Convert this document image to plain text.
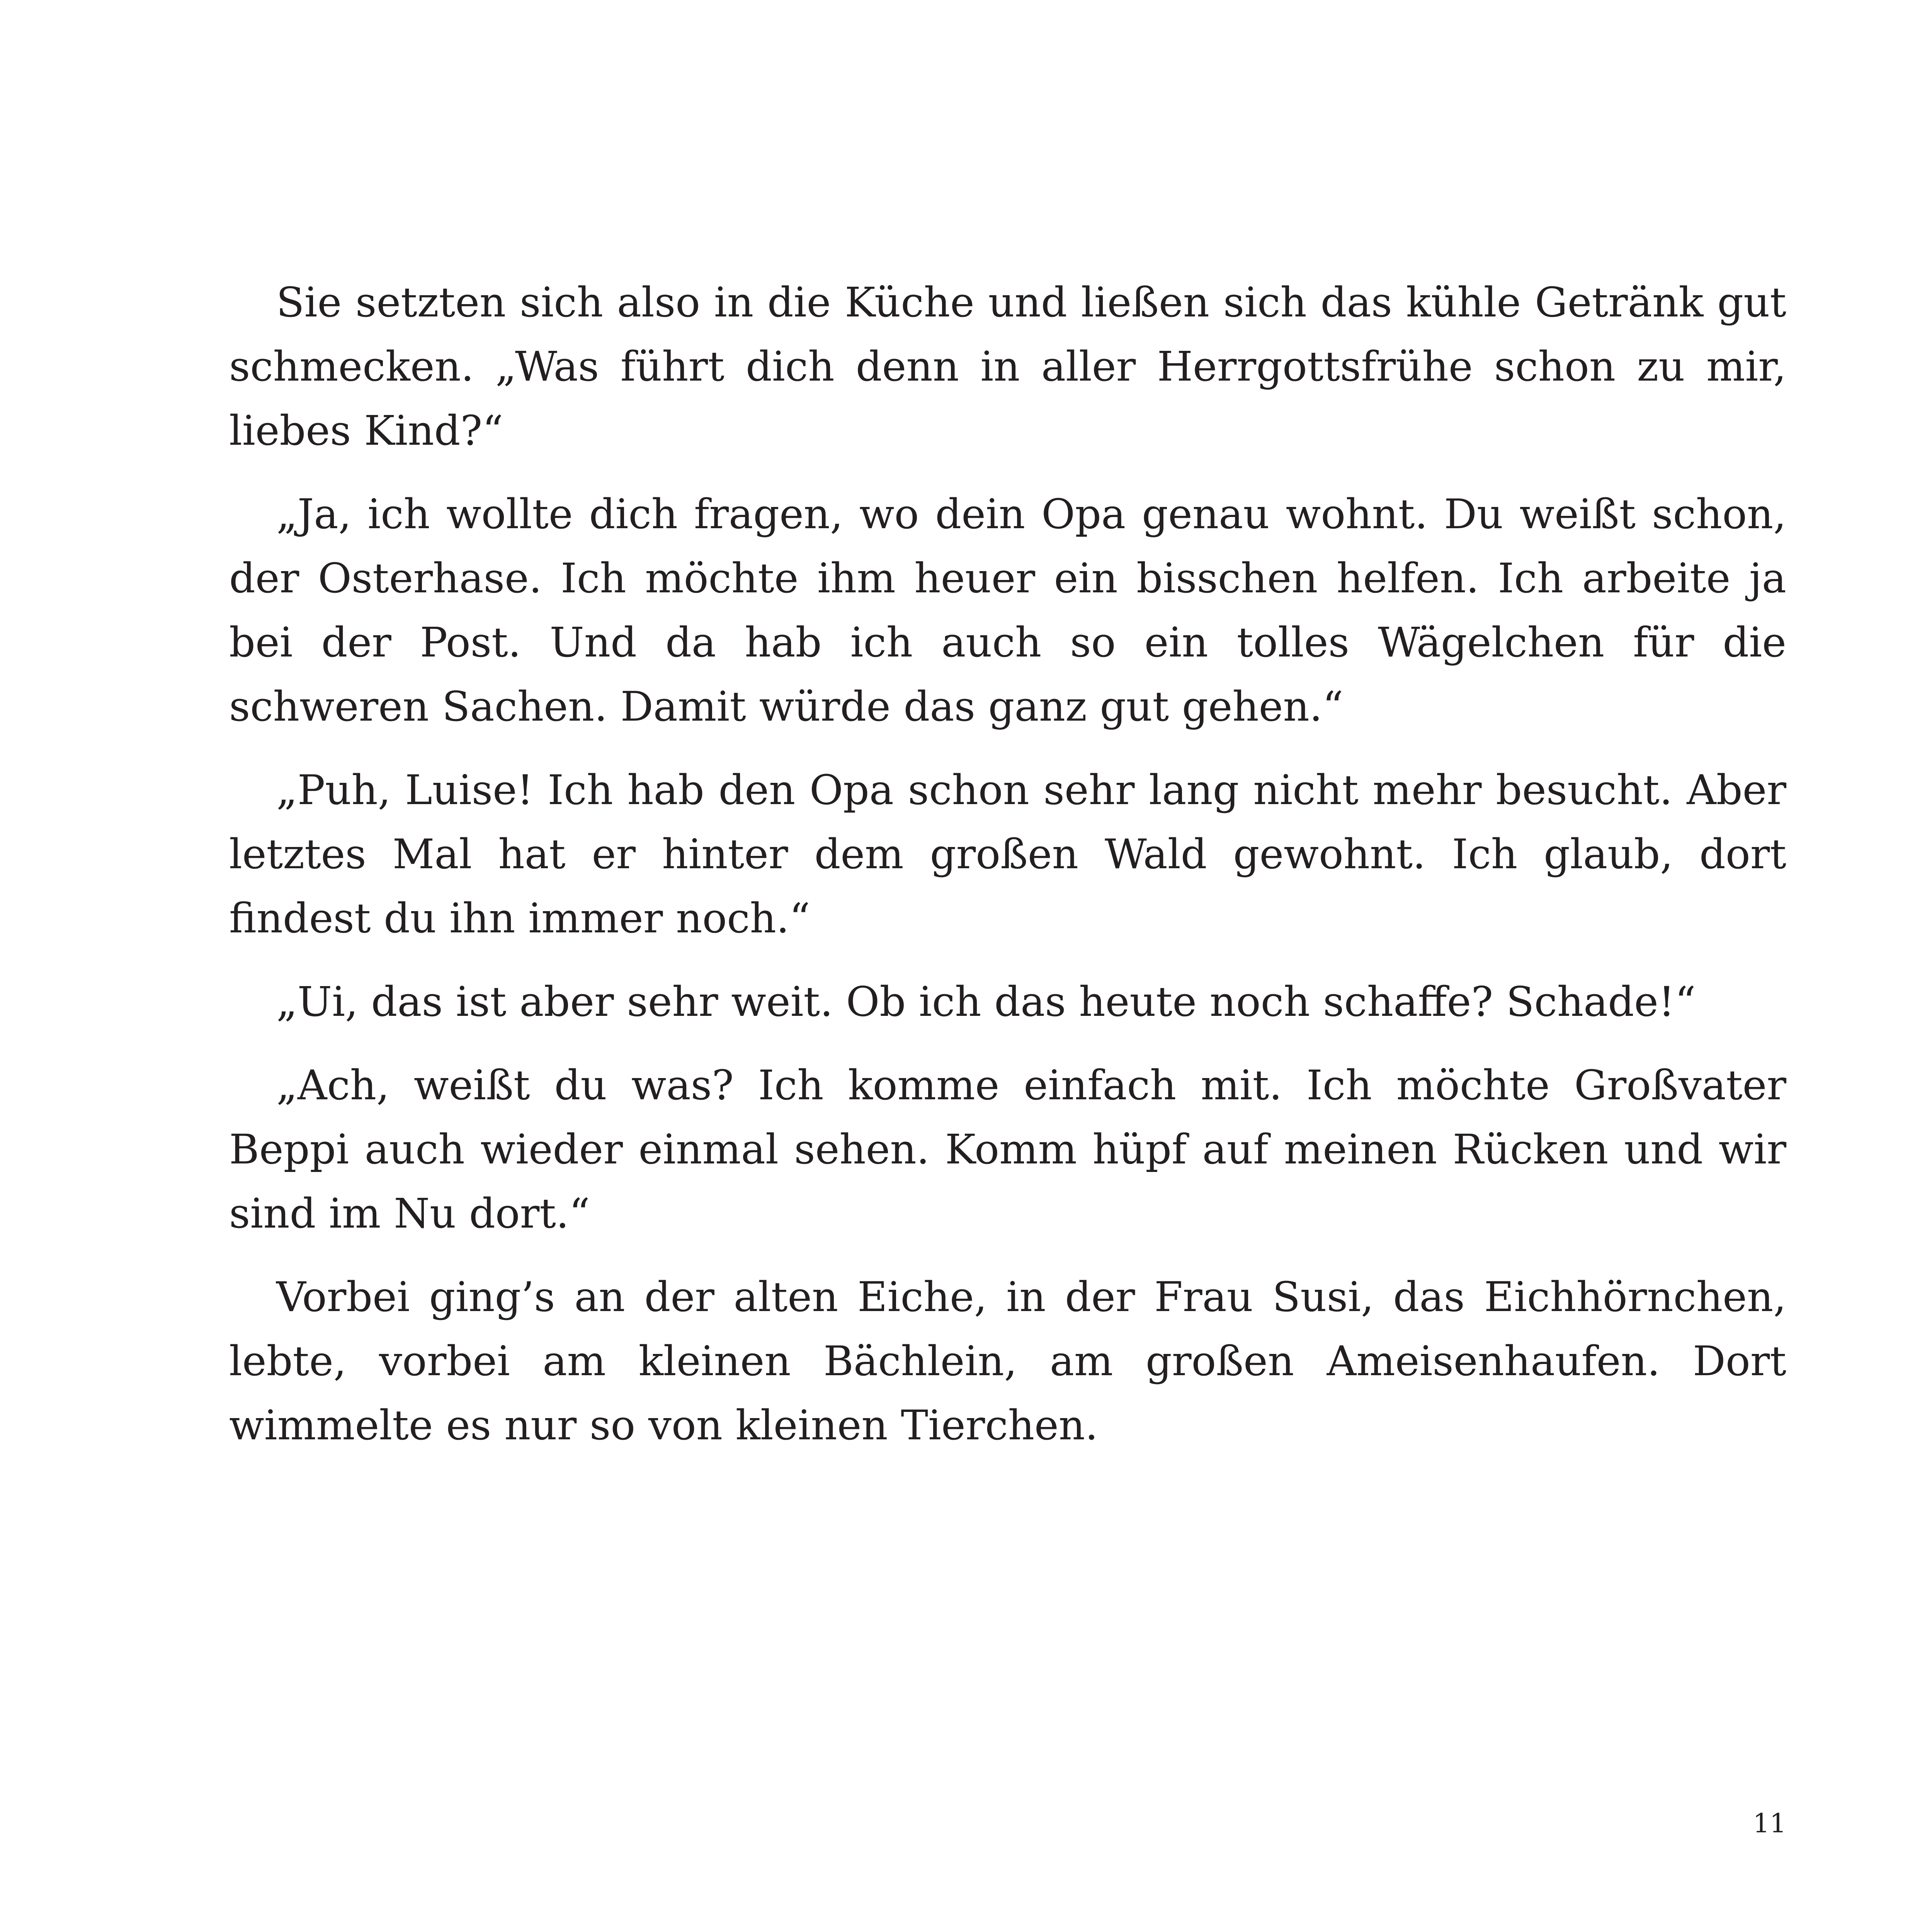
Sie setzten sich also in die Küche und ließen sich das kühle Getränk gut schmecken. „Was führt dich denn in aller Herrgottsfrühe schon zu mir, liebes Kind?“

„Ja, ich wollte dich fragen, wo dein Opa genau wohnt. Du weißt schon, der Osterhase. Ich möchte ihm heuer ein bisschen helfen. Ich arbeite ja bei der Post. Und da hab ich auch so ein tolles Wägelchen für die schweren Sachen. Damit würde das ganz gut gehen.“

„Puh, Luise! Ich hab den Opa schon sehr lang nicht mehr besucht. Aber letztes Mal hat er hinter dem großen Wald gewohnt. Ich glaub, dort findest du ihn immer noch.“

„Ui, das ist aber sehr weit. Ob ich das heute noch schaffe? Schade!“

„Ach, weißt du was? Ich komme einfach mit. Ich möchte Großvater Beppi auch wieder einmal sehen. Komm hüpf auf meinen Rücken und wir sind im Nu dort.“

Vorbei ging’s an der alten Eiche, in der Frau Susi, das Eichhörnchen, lebte, vorbei am kleinen Bächlein, am großen Ameisenhaufen. Dort wimmelte es nur so von kleinen Tierchen.

11
